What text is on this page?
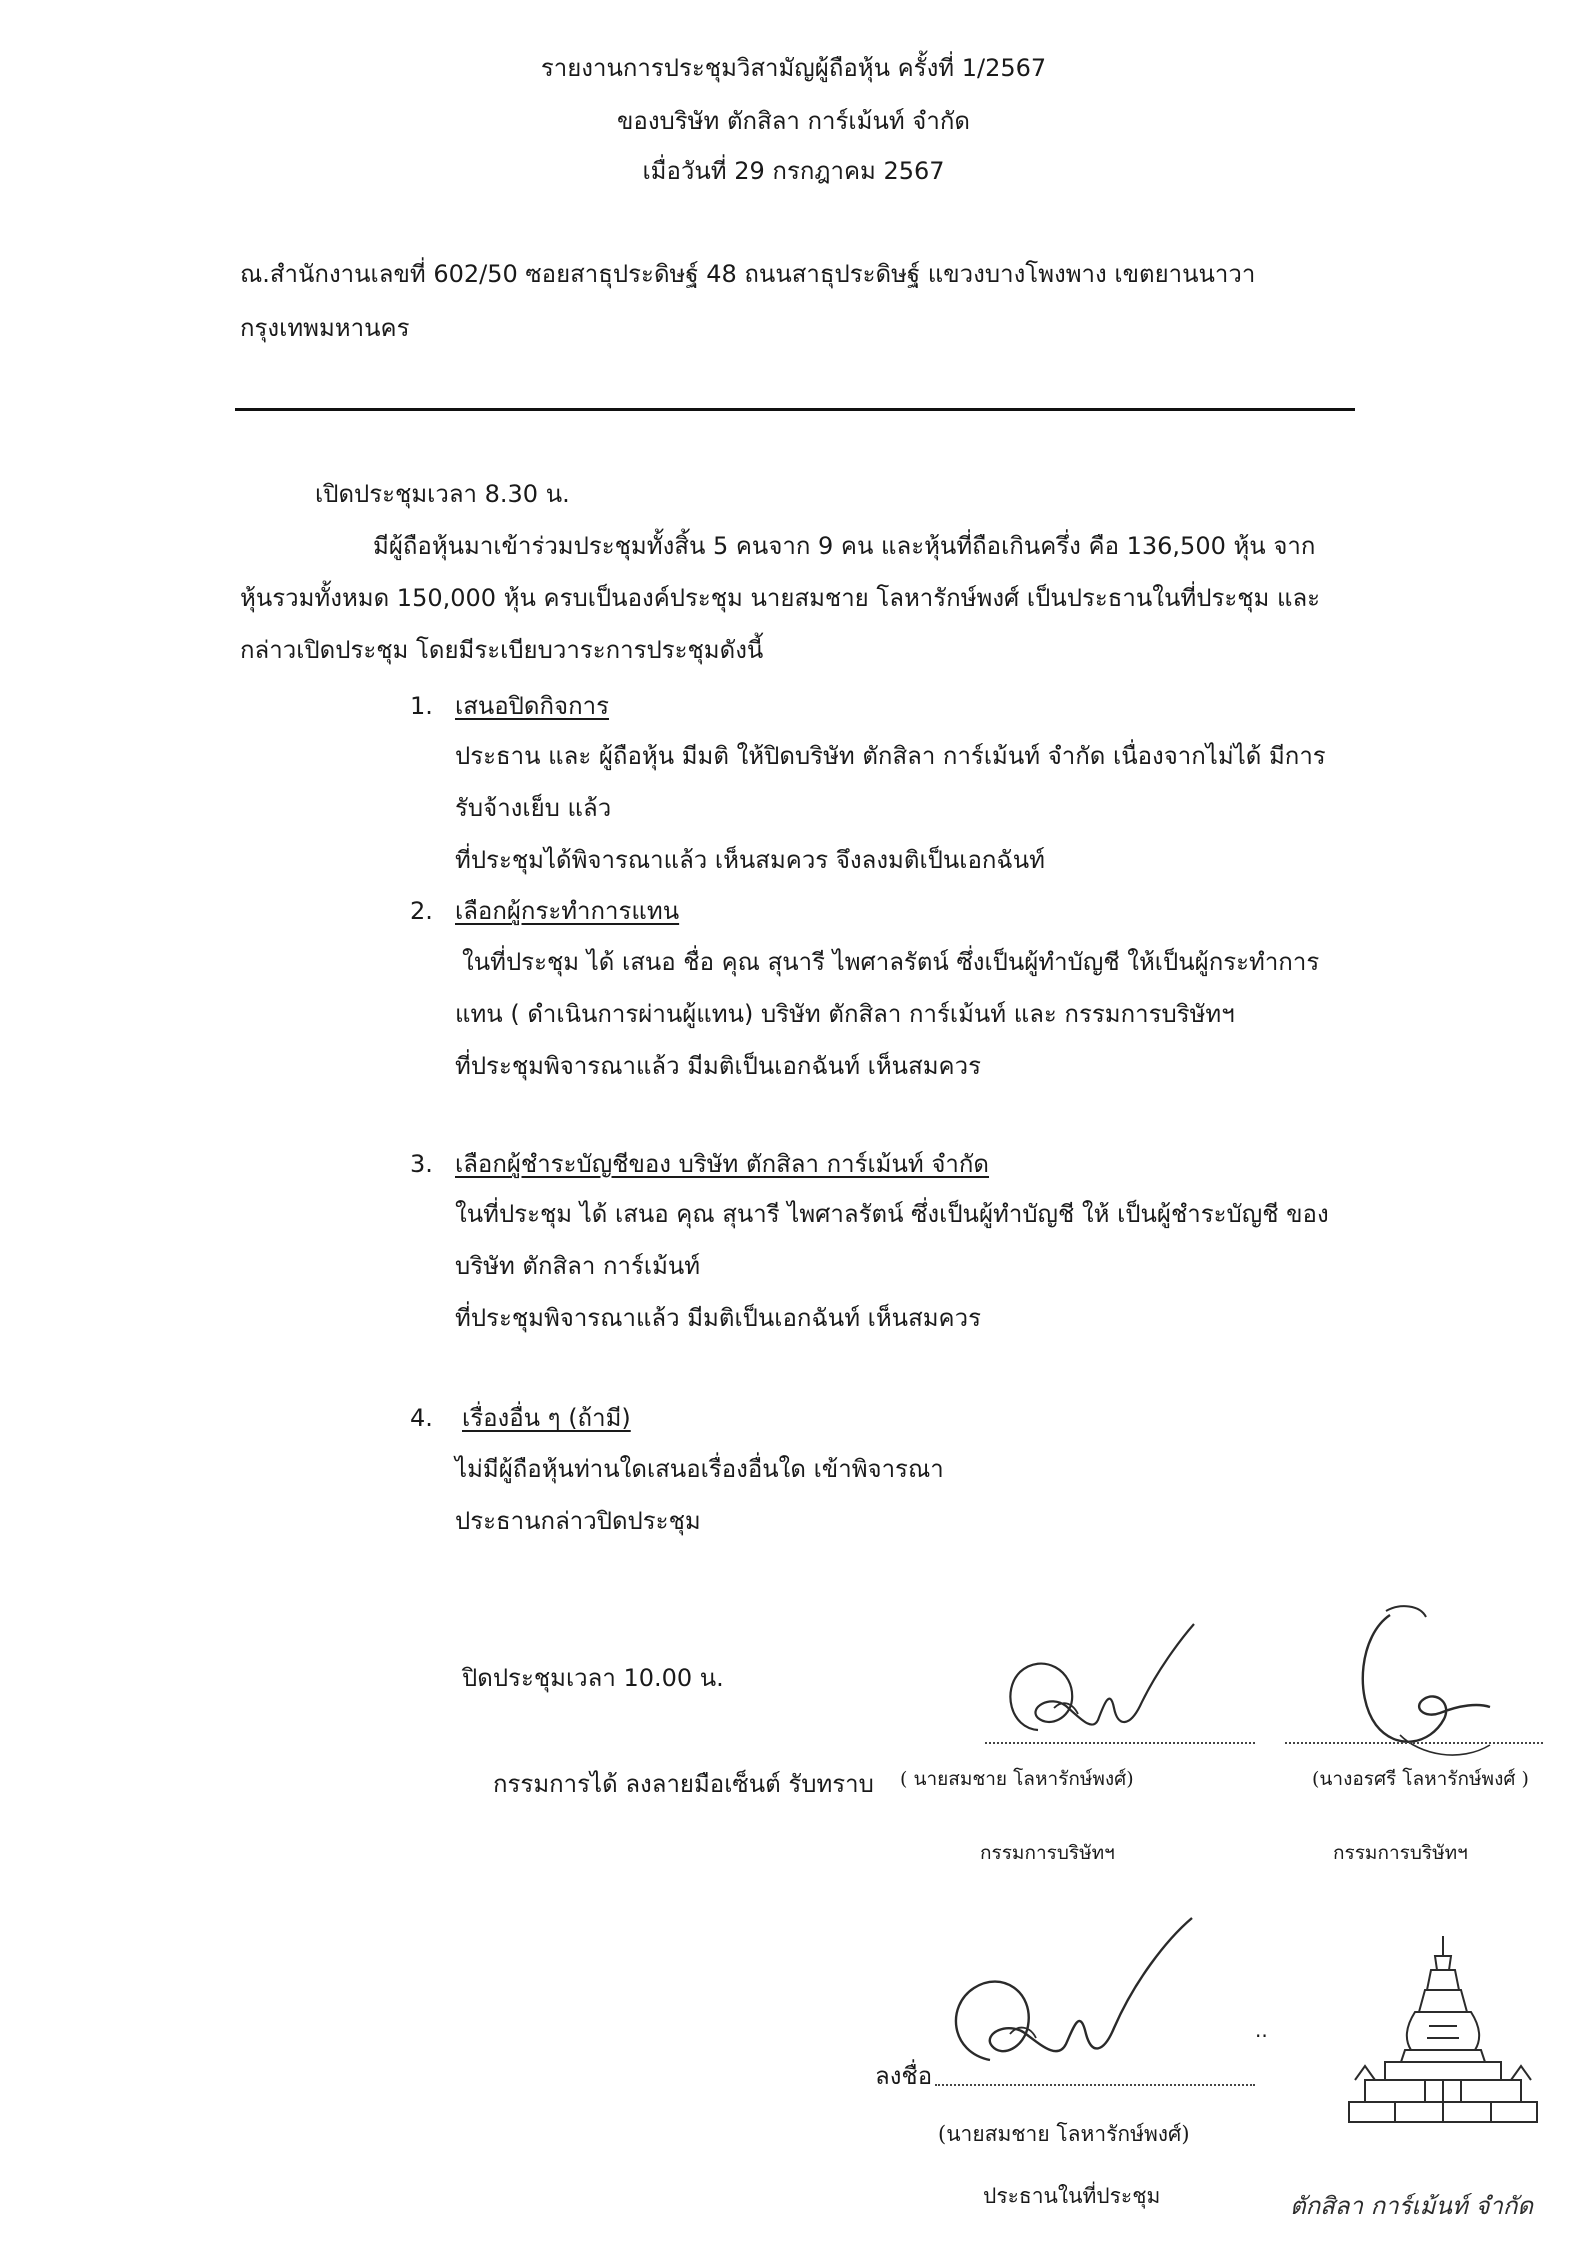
รายงานการประชุมวิสามัญผู้ถือหุ้น ครั้งที่ 1/2567
ของบริษัท ตักสิลา การ์เม้นท์ จำกัด
เมื่อวันที่ 29 กรกฎาคม 2567
ณ.สำนักงานเลขที่ 602/50 ซอยสาธุประดิษฐ์ 48 ถนนสาธุประดิษฐ์ แขวงบางโพงพาง เขตยานนาวา
กรุงเทพมหานคร
เปิดประชุมเวลา 8.30 น.
มีผู้ถือหุ้นมาเข้าร่วมประชุมทั้งสิ้น 5 คนจาก 9 คน และหุ้นที่ถือเกินครึ่ง คือ 136,500 หุ้น จาก
หุ้นรวมทั้งหมด 150,000 หุ้น ครบเป็นองค์ประชุม นายสมชาย โลหารักษ์พงศ์ เป็นประธานในที่ประชุม และ
กล่าวเปิดประชุม โดยมีระเบียบวาระการประชุมดังนี้
1. เสนอปิดกิจการ
ประธาน และ ผู้ถือหุ้น มีมติ ให้ปิดบริษัท ตักสิลา การ์เม้นท์ จำกัด เนื่องจากไม่ได้ มีการ
รับจ้างเย็บ แล้ว
ที่ประชุมได้พิจารณาแล้ว เห็นสมควร จึงลงมติเป็นเอกฉันท์
2. เลือกผู้กระทำการแทน
ในที่ประชุม ได้ เสนอ ชื่อ คุณ สุนารี ไพศาลรัตน์ ซึ่งเป็นผู้ทำบัญชี ให้เป็นผู้กระทำการ
แทน ( ดำเนินการผ่านผู้แทน) บริษัท ตักสิลา การ์เม้นท์ และ กรรมการบริษัทฯ
ที่ประชุมพิจารณาแล้ว มีมติเป็นเอกฉันท์ เห็นสมควร
3. เลือกผู้ชำระบัญชีของ บริษัท ตักสิลา การ์เม้นท์ จำกัด
ในที่ประชุม ได้ เสนอ คุณ สุนารี ไพศาลรัตน์ ซึ่งเป็นผู้ทำบัญชี ให้ เป็นผู้ชำระบัญชี ของ
บริษัท ตักสิลา การ์เม้นท์
ที่ประชุมพิจารณาแล้ว มีมติเป็นเอกฉันท์ เห็นสมควร
4. เรื่องอื่น ๆ (ถ้ามี)
ไม่มีผู้ถือหุ้นท่านใดเสนอเรื่องอื่นใด เข้าพิจารณา
ประธานกล่าวปิดประชุม
ปิดประชุมเวลา 10.00 น.
กรรมการได้ ลงลายมือเซ็นต์ รับทราบ ( นายสมชาย โลหารักษ์พงศ์)
กรรมการบริษัทฯ
(นางอรศรี โลหารักษ์พงศ์ )
กรรมการบริษัทฯ
ลงชื่อ
..
(นายสมชาย โลหารักษ์พงศ์)
ประธานในที่ประชุม	ตักสิลา การ์เม้นท์ จำกัด
